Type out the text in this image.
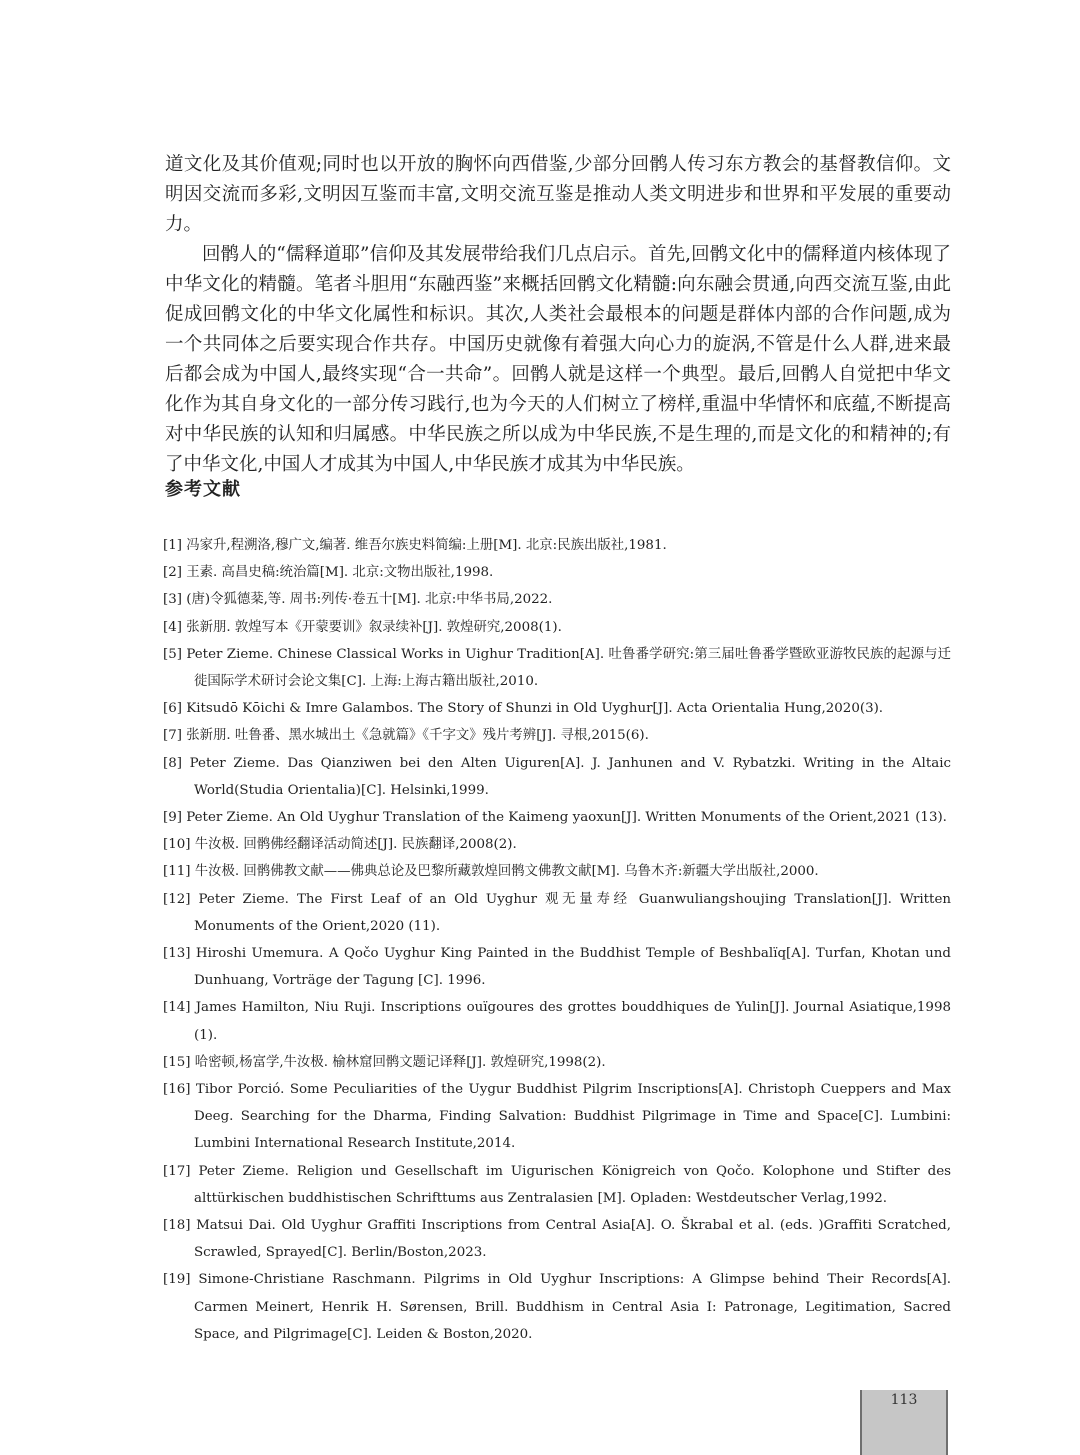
道文化及其价值观;同时也以开放的胸怀向西借鉴,少部分回鹘人传习东方教会的基督教信仰。文明因交流而多彩,文明因互鉴而丰富,文明交流互鉴是推动人类文明进步和世界和平发展的重要动力。

回鹘人的“儒释道耶”信仰及其发展带给我们几点启示。首先,回鹘文化中的儒释道内核体现了中华文化的精髓。笔者斗胆用“东融西鉴”来概括回鹘文化精髓:向东融会贯通,向西交流互鉴,由此促成回鹘文化的中华文化属性和标识。其次,人类社会最根本的问题是群体内部的合作问题,成为一个共同体之后要实现合作共存。中国历史就像有着强大向心力的旋涡,不管是什么人群,进来最后都会成为中国人,最终实现“合一共命”。回鹘人就是这样一个典型。最后,回鹘人自觉把中华文化作为其自身文化的一部分传习践行,也为今天的人们树立了榜样,重温中华情怀和底蕴,不断提高对中华民族的认知和归属感。中华民族之所以成为中华民族,不是生理的,而是文化的和精神的;有了中华文化,中国人才成其为中国人,中华民族才成其为中华民族。

参考文献
[1] 冯家升,程溯洛,穆广文,编著. 维吾尔族史料简编:上册[M]. 北京:民族出版社,1981.
[2] 王素. 高昌史稿:统治篇[M]. 北京:文物出版社,1998.
[3] (唐)令狐德棻,等. 周书:列传·卷五十[M]. 北京:中华书局,2022.
[4] 张新朋. 敦煌写本《开蒙要训》叙录续补[J]. 敦煌研究,2008(1).
[5] Peter Zieme. Chinese Classical Works in Uighur Tradition[A]. 吐鲁番学研究:第三届吐鲁番学暨欧亚游牧民族的起源与迁徙国际学术研讨会论文集[C]. 上海:上海古籍出版社,2010.
[6] Kitsudō Kōichi & Imre Galambos. The Story of Shunzi in Old Uyghur[J]. Acta Orientalia Hung,2020(3).
[7] 张新朋. 吐鲁番、黑水城出土《急就篇》《千字文》残片考辨[J]. 寻根,2015(6).
[8] Peter Zieme. Das Qianziwen bei den Alten Uiguren[A]. J. Janhunen and V. Rybatzki. Writing in the Altaic World(Studia Orientalia)[C]. Helsinki,1999.
[9] Peter Zieme. An Old Uyghur Translation of the Kaimeng yaoxun[J]. Written Monuments of the Orient,2021 (13).
[10] 牛汝极. 回鹘佛经翻译活动简述[J]. 民族翻译,2008(2).
[11] 牛汝极. 回鹘佛教文献——佛典总论及巴黎所藏敦煌回鹘文佛教文献[M]. 乌鲁木齐:新疆大学出版社,2000.
[12] Peter Zieme. The First Leaf of an Old Uyghur 观无量寿经 Guanwuliangshoujing Translation[J]. Written Monuments of the Orient,2020 (11).
[13] Hiroshi Umemura. A Qočo Uyghur King Painted in the Buddhist Temple of Beshbalïq[A]. Turfan, Khotan und Dunhuang, Vorträge der Tagung [C]. 1996.
[14] James Hamilton, Niu Ruji. Inscriptions ouïgoures des grottes bouddhiques de Yulin[J]. Journal Asiatique,1998 (1).
[15] 哈密顿,杨富学,牛汝极. 榆林窟回鹘文题记译释[J]. 敦煌研究,1998(2).
[16] Tibor Porció. Some Peculiarities of the Uygur Buddhist Pilgrim Inscriptions[A]. Christoph Cueppers and Max Deeg. Searching for the Dharma, Finding Salvation: Buddhist Pilgrimage in Time and Space[C]. Lumbini: Lumbini International Research Institute,2014.
[17] Peter Zieme. Religion und Gesellschaft im Uigurischen Königreich von Qočo. Kolophone und Stifter des alttürkischen buddhistischen Schrifttums aus Zentralasien [M]. Opladen: Westdeutscher Verlag,1992.
[18] Matsui Dai. Old Uyghur Graffiti Inscriptions from Central Asia[A]. O. Škrabal et al. (eds. )Graffiti Scratched, Scrawled, Sprayed[C]. Berlin/Boston,2023.
[19] Simone-Christiane Raschmann. Pilgrims in Old Uyghur Inscriptions: A Glimpse behind Their Records[A]. Carmen Meinert, Henrik H. Sørensen, Brill. Buddhism in Central Asia I: Patronage, Legitimation, Sacred Space, and Pilgrimage[C]. Leiden & Boston,2020.
113
